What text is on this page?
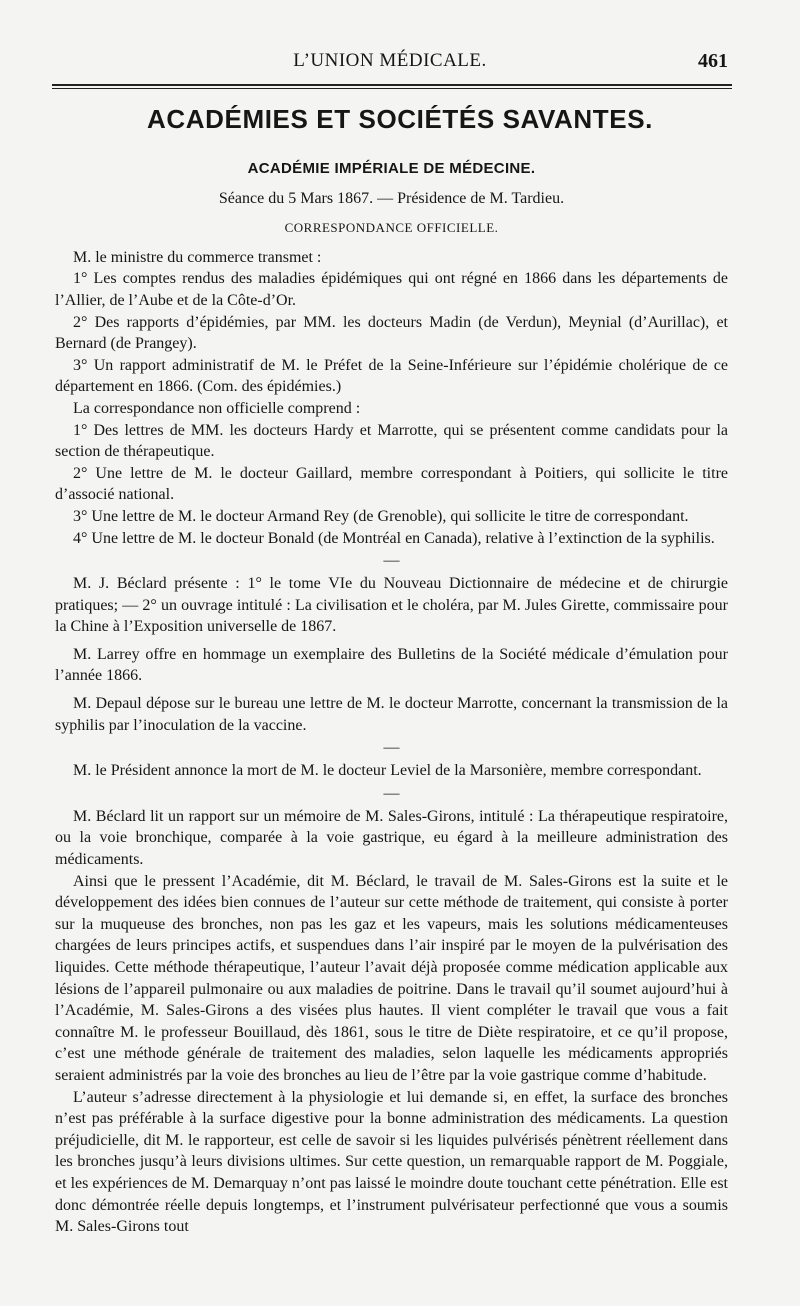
L’UNION MÉDICALE.	461
ACADÉMIES ET SOCIÉTÉS SAVANTES.
ACADÉMIE IMPÉRIALE DE MÉDECINE.
Séance du 5 Mars 1867. — Présidence de M. Tardieu.
CORRESPONDANCE OFFICIELLE.

M. le ministre du commerce transmet :

1° Les comptes rendus des maladies épidémiques qui ont régné en 1866 dans les départements de l’Allier, de l’Aube et de la Côte-d’Or.

2° Des rapports d’épidémies, par MM. les docteurs Madin (de Verdun), Meynial (d’Aurillac), et Bernard (de Prangey).

3° Un rapport administratif de M. le Préfet de la Seine-Inférieure sur l’épidémie cholérique de ce département en 1866. (Com. des épidémies.)

La correspondance non officielle comprend :

1° Des lettres de MM. les docteurs Hardy et Marrotte, qui se présentent comme candidats pour la section de thérapeutique.

2° Une lettre de M. le docteur Gaillard, membre correspondant à Poitiers, qui sollicite le titre d’associé national.

3° Une lettre de M. le docteur Armand Rey (de Grenoble), qui sollicite le titre de correspondant.

4° Une lettre de M. le docteur Bonald (de Montréal en Canada), relative à l’extinction de la syphilis.

—

M. J. Béclard présente : 1° le tome VIe du Nouveau Dictionnaire de médecine et de chirurgie pratiques; — 2° un ouvrage intitulé : La civilisation et le choléra, par M. Jules Girette, commissaire pour la Chine à l’Exposition universelle de 1867.

M. Larrey offre en hommage un exemplaire des Bulletins de la Société médicale d’émulation pour l’année 1866.

M. Depaul dépose sur le bureau une lettre de M. le docteur Marrotte, concernant la transmission de la syphilis par l’inoculation de la vaccine.

—

M. le Président annonce la mort de M. le docteur Leviel de la Marsonière, membre correspondant.

—

M. Béclard lit un rapport sur un mémoire de M. Sales-Girons, intitulé : La thérapeutique respiratoire, ou la voie bronchique, comparée à la voie gastrique, eu égard à la meilleure administration des médicaments.

Ainsi que le pressent l’Académie, dit M. Béclard, le travail de M. Sales-Girons est la suite et le développement des idées bien connues de l’auteur sur cette méthode de traitement, qui consiste à porter sur la muqueuse des bronches, non pas les gaz et les vapeurs, mais les solutions médicamenteuses chargées de leurs principes actifs, et suspendues dans l’air inspiré par le moyen de la pulvérisation des liquides. Cette méthode thérapeutique, l’auteur l’avait déjà proposée comme médication applicable aux lésions de l’appareil pulmonaire ou aux maladies de poitrine. Dans le travail qu’il soumet aujourd’hui à l’Académie, M. Sales-Girons a des visées plus hautes. Il vient compléter le travail que vous a fait connaître M. le professeur Bouillaud, dès 1861, sous le titre de Diète respiratoire, et ce qu’il propose, c’est une méthode générale de traitement des maladies, selon laquelle les médicaments appropriés seraient administrés par la voie des bronches au lieu de l’être par la voie gastrique comme d’habitude.

L’auteur s’adresse directement à la physiologie et lui demande si, en effet, la surface des bronches n’est pas préférable à la surface digestive pour la bonne administration des médicaments. La question préjudicielle, dit M. le rapporteur, est celle de savoir si les liquides pulvérisés pénètrent réellement dans les bronches jusqu’à leurs divisions ultimes. Sur cette question, un remarquable rapport de M. Poggiale, et les expériences de M. Demarquay n’ont pas laissé le moindre doute touchant cette pénétration. Elle est donc démontrée réelle depuis longtemps, et l’instrument pulvérisateur perfectionné que vous a soumis M. Sales-Girons tout
